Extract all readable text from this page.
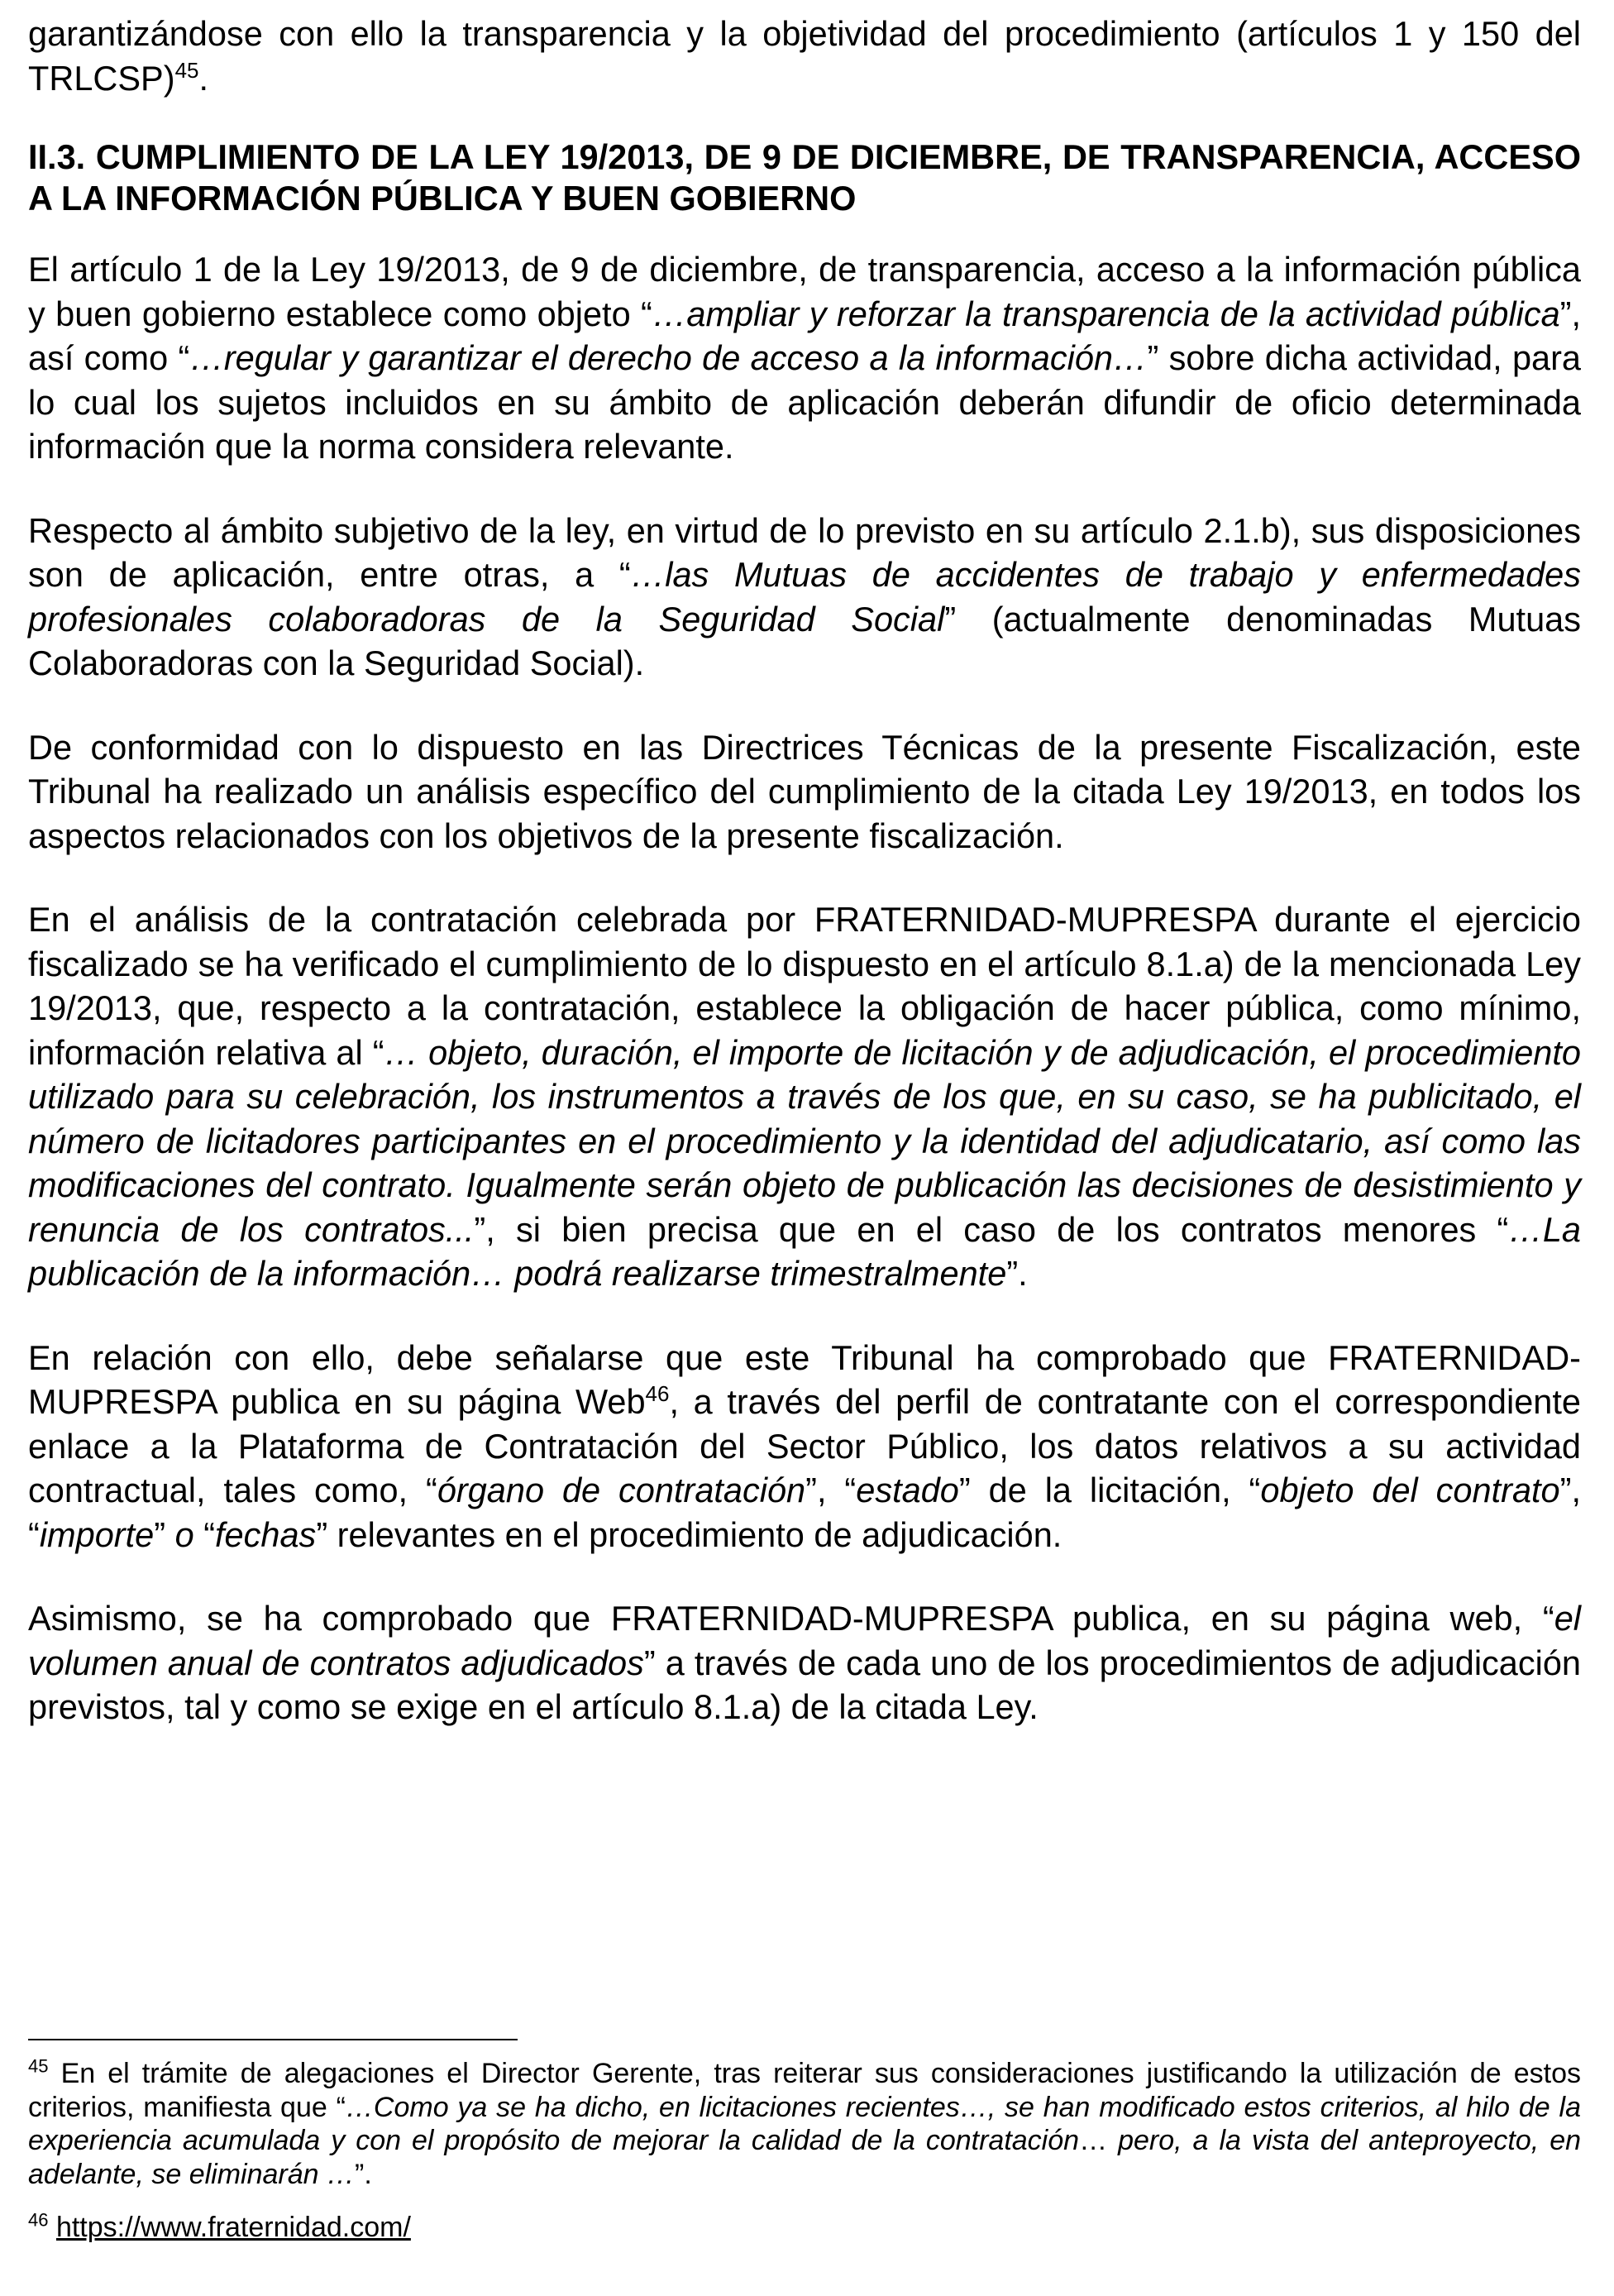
garantizándose con ello la transparencia y la objetividad del procedimiento (artículos 1 y 150 del TRLCSP)$^{45}$.

II.3. CUMPLIMIENTO DE LA LEY 19/2013, DE 9 DE DICIEMBRE, DE TRANSPARENCIA, ACCESO A LA INFORMACIÓN PÚBLICA Y BUEN GOBIERNO

El artículo 1 de la Ley 19/2013, de 9 de diciembre, de transparencia, acceso a la información pública y buen gobierno establece como objeto “…ampliar y reforzar la transparencia de la actividad pública”, así como “…regular y garantizar el derecho de acceso a la información…” sobre dicha actividad, para lo cual los sujetos incluidos en su ámbito de aplicación deberán difundir de oficio determinada información que la norma considera relevante.

Respecto al ámbito subjetivo de la ley, en virtud de lo previsto en su artículo 2.1.b), sus disposiciones son de aplicación, entre otras, a “…las Mutuas de accidentes de trabajo y enfermedades profesionales colaboradoras de la Seguridad Social” (actualmente denominadas Mutuas Colaboradoras con la Seguridad Social).

De conformidad con lo dispuesto en las Directrices Técnicas de la presente Fiscalización, este Tribunal ha realizado un análisis específico del cumplimiento de la citada Ley 19/2013, en todos los aspectos relacionados con los objetivos de la presente fiscalización.

En el análisis de la contratación celebrada por FRATERNIDAD-MUPRESPA durante el ejercicio fiscalizado se ha verificado el cumplimiento de lo dispuesto en el artículo 8.1.a) de la mencionada Ley 19/2013, que, respecto a la contratación, establece la obligación de hacer pública, como mínimo, información relativa al “… objeto, duración, el importe de licitación y de adjudicación, el procedimiento utilizado para su celebración, los instrumentos a través de los que, en su caso, se ha publicitado, el número de licitadores participantes en el procedimiento y la identidad del adjudicatario, así como las modificaciones del contrato. Igualmente serán objeto de publicación las decisiones de desistimiento y renuncia de los contratos...”, si bien precisa que en el caso de los contratos menores “…La publicación de la información… podrá realizarse trimestralmente”.

En relación con ello, debe señalarse que este Tribunal ha comprobado que FRATERNIDAD-MUPRESPA publica en su página Web$^{46}$, a través del perfil de contratante con el correspondiente enlace a la Plataforma de Contratación del Sector Público, los datos relativos a su actividad contractual, tales como, “órgano de contratación”, “estado” de la licitación, “objeto del contrato”, “importe” o “fechas” relevantes en el procedimiento de adjudicación.

Asimismo, se ha comprobado que FRATERNIDAD-MUPRESPA publica, en su página web, “el volumen anual de contratos adjudicados” a través de cada uno de los procedimientos de adjudicación previstos, tal y como se exige en el artículo 8.1.a) de la citada Ley.

$^{45}$ En el trámite de alegaciones el Director Gerente, tras reiterar sus consideraciones justificando la utilización de estos criterios, manifiesta que “…Como ya se ha dicho, en licitaciones recientes…, se han modificado estos criterios, al hilo de la experiencia acumulada y con el propósito de mejorar la calidad de la contratación… pero, a la vista del anteproyecto, en adelante, se eliminarán …”.

$^{46}$ https://www.fraternidad.com/
